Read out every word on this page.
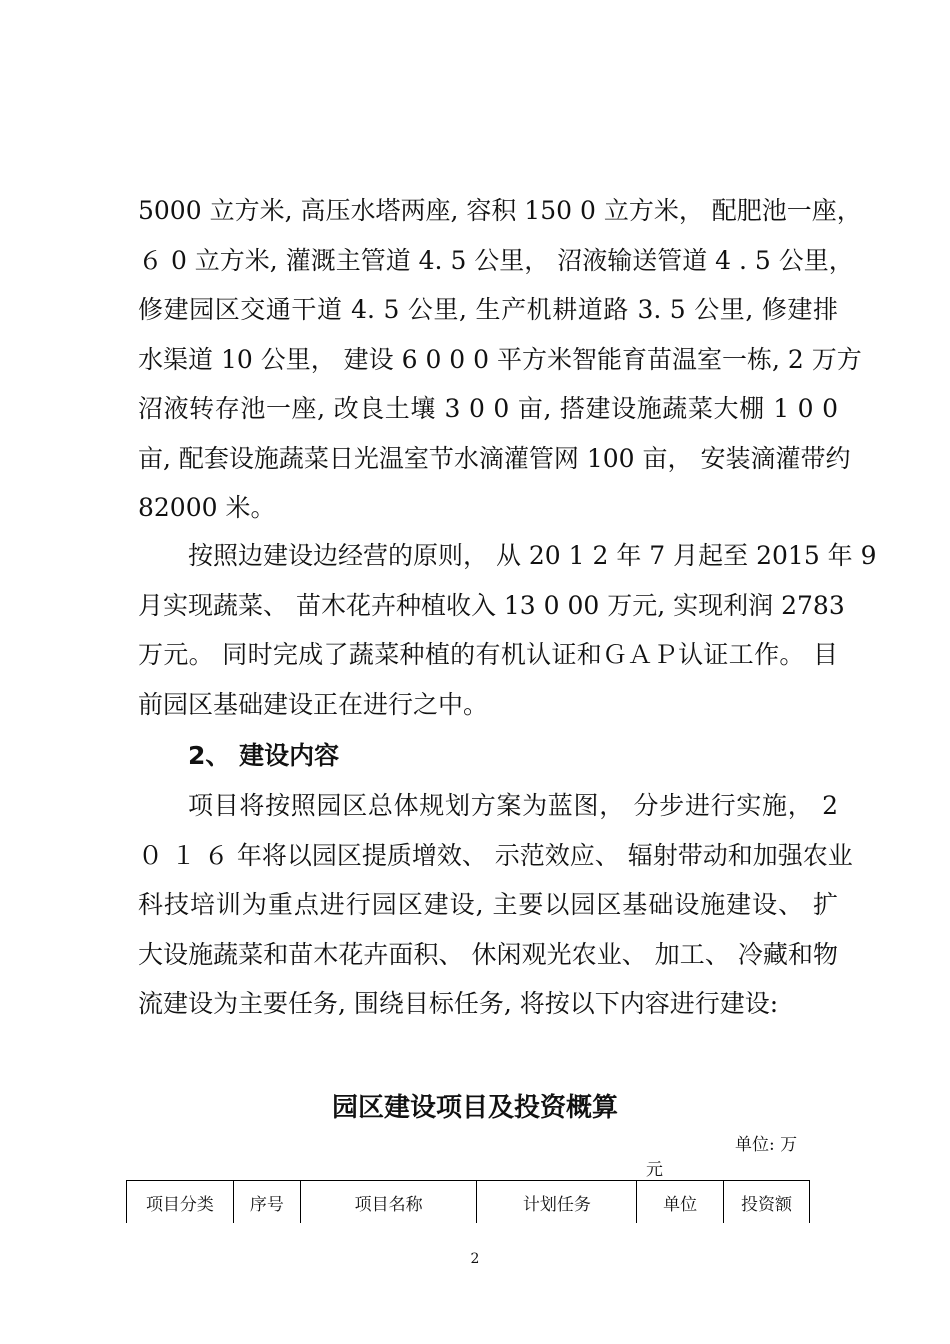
5000 立方米, 高压水塔两座, 容积 150 0 立方米， 配肥池一座，
６ 0 立方米, 灌溉主管道 4. 5 公里， 沼液输送管道 4 . 5 公里，
修建园区交通干道 4. 5 公里, 生产机耕道路 3. 5 公里, 修建排
水渠道 10 公里， 建设 6 0 0 0 平方米智能育苗温室一栋, 2 万方
沼液转存池一座, 改良土壤 3 0 0 亩, 搭建设施蔬菜大棚 1 0 0
亩, 配套设施蔬菜日光温室节水滴灌管网 100 亩， 安装滴灌带约
82000 米。
按照边建设边经营的原则， 从 20 1 2 年 7 月起至 2015 年 9
月实现蔬菜、 苗木花卉种植收入 13 0 00 万元, 实现利润 2783
万元。 同时完成了蔬菜种植的有机认证和ＧＡＰ认证工作。 目
前园区基础建设正在进行之中。
2、 建设内容
项目将按照园区总体规划方案为蓝图， 分步进行实施， 2
０ １ ６ 年将以园区提质增效、 示范效应、 辐射带动和加强农业
科技培训为重点进行园区建设, 主要以园区基础设施建设、 扩
大设施蔬菜和苗木花卉面积、 休闲观光农业、 加工、 冷藏和物
流建设为主要任务, 围绕目标任务, 将按以下内容进行建设:
园区建设项目及投资概算
单位: 万
元
项目分类	序号	项目名称	计划任务	单位	投资额
2
